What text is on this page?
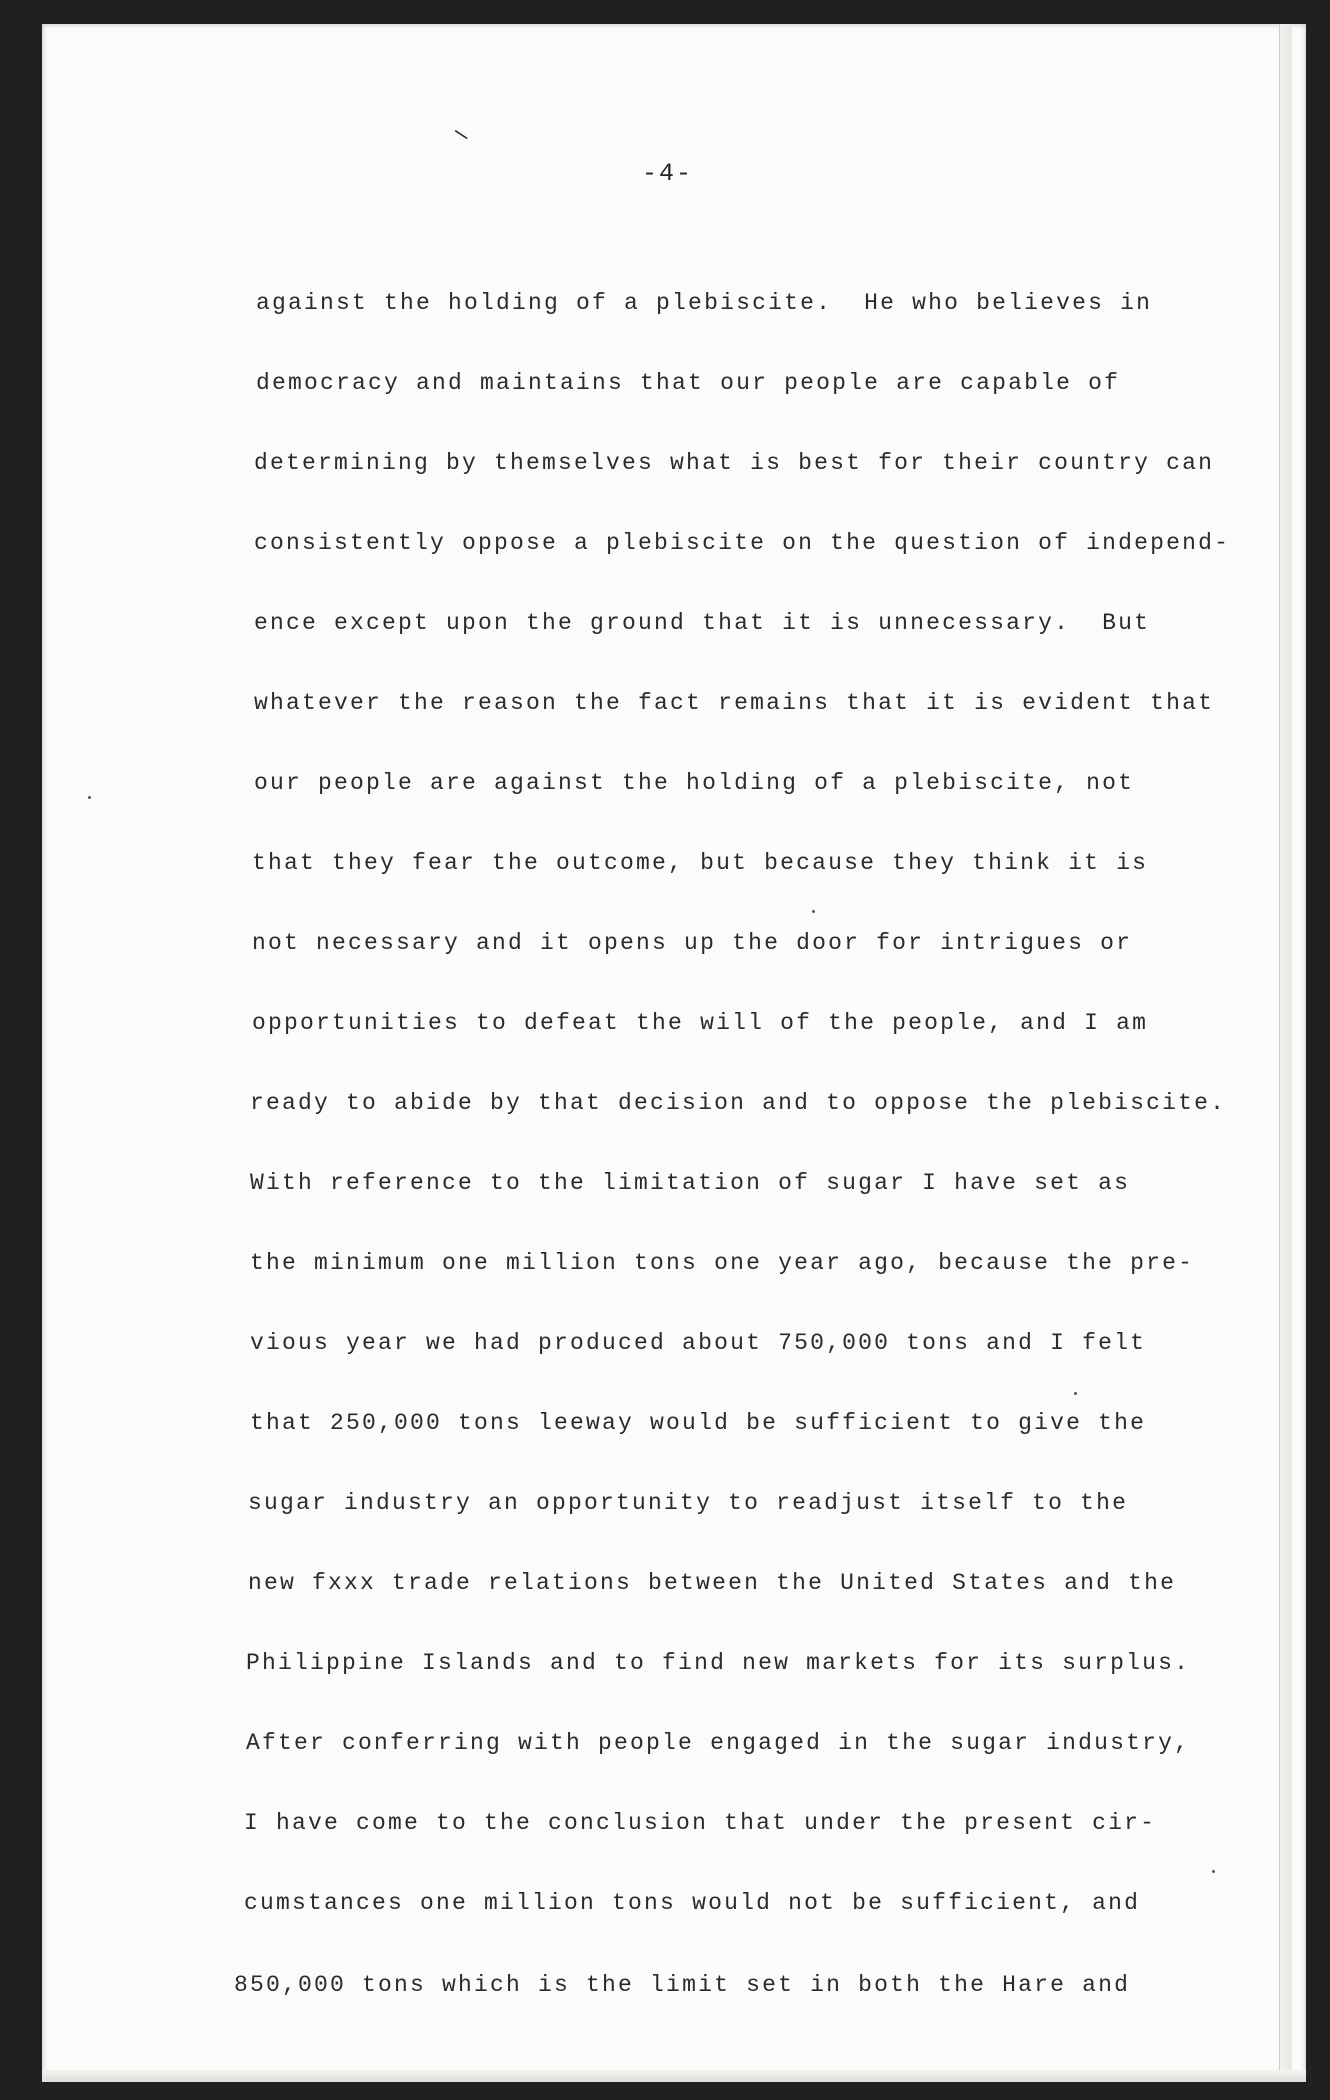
⸜
-4-
against the holding of a plebiscite.  He who believes in
democracy and maintains that our people are capable of
determining by themselves what is best for their country can
consistently oppose a plebiscite on the question of independ-
ence except upon the ground that it is unnecessary.  But
whatever the reason the fact remains that it is evident that
our people are against the holding of a plebiscite, not
that they fear the outcome, but because they think it is
not necessary and it opens up the door for intrigues or
opportunities to defeat the will of the people, and I am
ready to abide by that decision and to oppose the plebiscite.
With reference to the limitation of sugar I have set as
the minimum one million tons one year ago, because the pre-
vious year we had produced about 750,000 tons and I felt
that 250,000 tons leeway would be sufficient to give the
sugar industry an opportunity to readjust itself to the
new fxxx trade relations between the United States and the
Philippine Islands and to find new markets for its surplus.
After conferring with people engaged in the sugar industry,
I have come to the conclusion that under the present cir-
cumstances one million tons would not be sufficient, and
850,000 tons which is the limit set in both the Hare and
